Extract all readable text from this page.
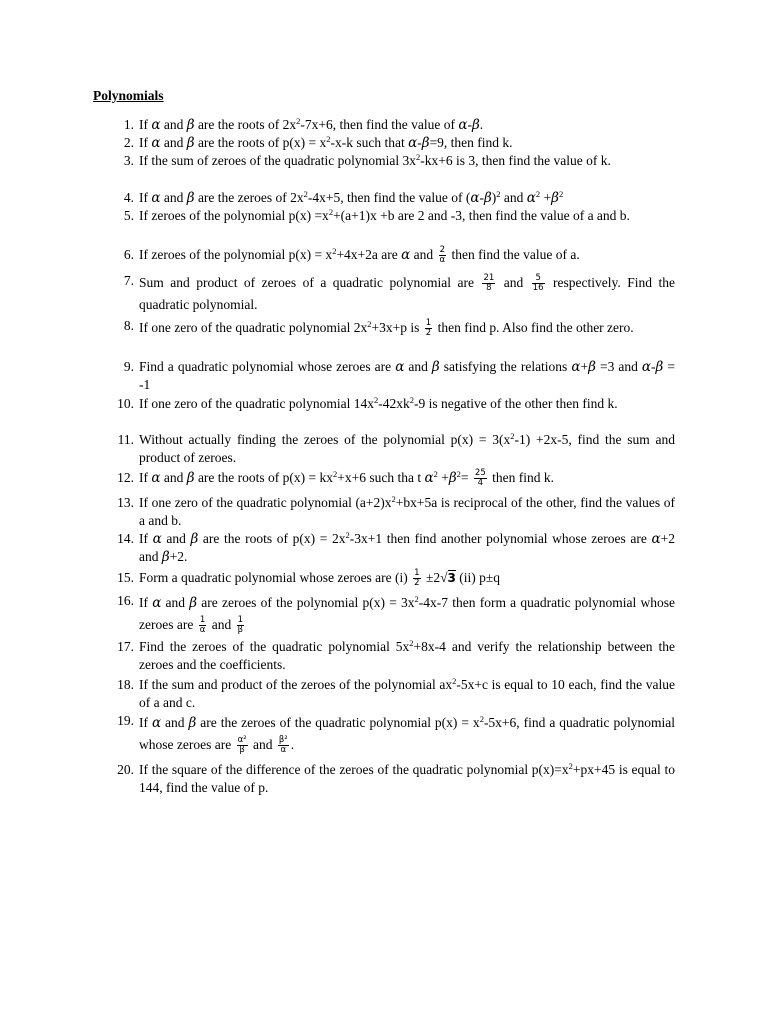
Polynomials
1. If α and β are the roots of $2x^2-7x+6$, then find the value of α-β.
2. If α and β are the roots of $p(x) = x^2-x-k$ such that α-β=9, then find k.
3. If the sum of zeroes of the quadratic polynomial $3x^2-kx+6$ is 3, then find the value of k.
4. If α and β are the zeroes of $2x^2-4x+5$, then find the value of $(\alpha-\beta)^2$ and $\alpha^2 +\beta^2$
5. If zeroes of the polynomial $p(x) =x^2+(a+1)x +b$ are 2 and -3, then find the value of a and b.
6. If zeroes of the polynomial $p(x) = x^2+4x+2a$ are α and $\frac{2}{\alpha}$ then find the value of a.
7. Sum and product of zeroes of a quadratic polynomial are $\frac{21}{8}$ and $\frac{5}{16}$ respectively. Find the quadratic polynomial.
8. If one zero of the quadratic polynomial $2x^2+3x+p$ is $\frac{1}{2}$ then find p. Also find the other zero.
9. Find a quadratic polynomial whose zeroes are α and β satisfying the relations α+β =3 and α-β = -1
10. If one zero of the quadratic polynomial $14x^2-42xk^2-9$ is negative of the other then find k.
11. Without actually finding the zeroes of the polynomial $p(x) = 3(x^2-1) +2x-5$, find the sum and product of zeroes.
12. If α and β are the roots of $p(x) = kx^2+x+6$ such tha t $\alpha^2 +\beta^2= \frac{25}{4}$ then find k.
13. If one zero of the quadratic polynomial $(a+2)x^2+bx+5a$ is reciprocal of the other, find the values of a and b.
14. If α and β are the roots of $p(x) = 2x^2-3x+1$ then find another polynomial whose zeroes are α+2 and β+2.
15. Form a quadratic polynomial whose zeroes are $(i) \frac{1}{2} \pm 2√3$ (ii) p±q
16. If α and β are zeroes of the polynomial $p(x) = 3x^2-4x-7$ then form a quadratic polynomial whose zeroes are $\frac{1}{\alpha}$ and $\frac{1}{\beta}$
17. Find the zeroes of the quadratic polynomial $5x^2+8x-4$ and verify the relationship between the zeroes and the coefficients.
18. If the sum and product of the zeroes of the polynomial $ax^2-5x+c$ is equal to 10 each, find the value of a and c.
19. If α and β are the zeroes of the quadratic polynomial $p(x) = x^2-5x+6$, find a quadratic polynomial whose zeroes are $\frac{\text{α²}}{\beta}$ and $\frac{\text{β²}}{\alpha}$ .
20. If the square of the difference of the zeroes of the quadratic polynomial $p(x)=x^2+px+45$ is equal to 144, find the value of p.
